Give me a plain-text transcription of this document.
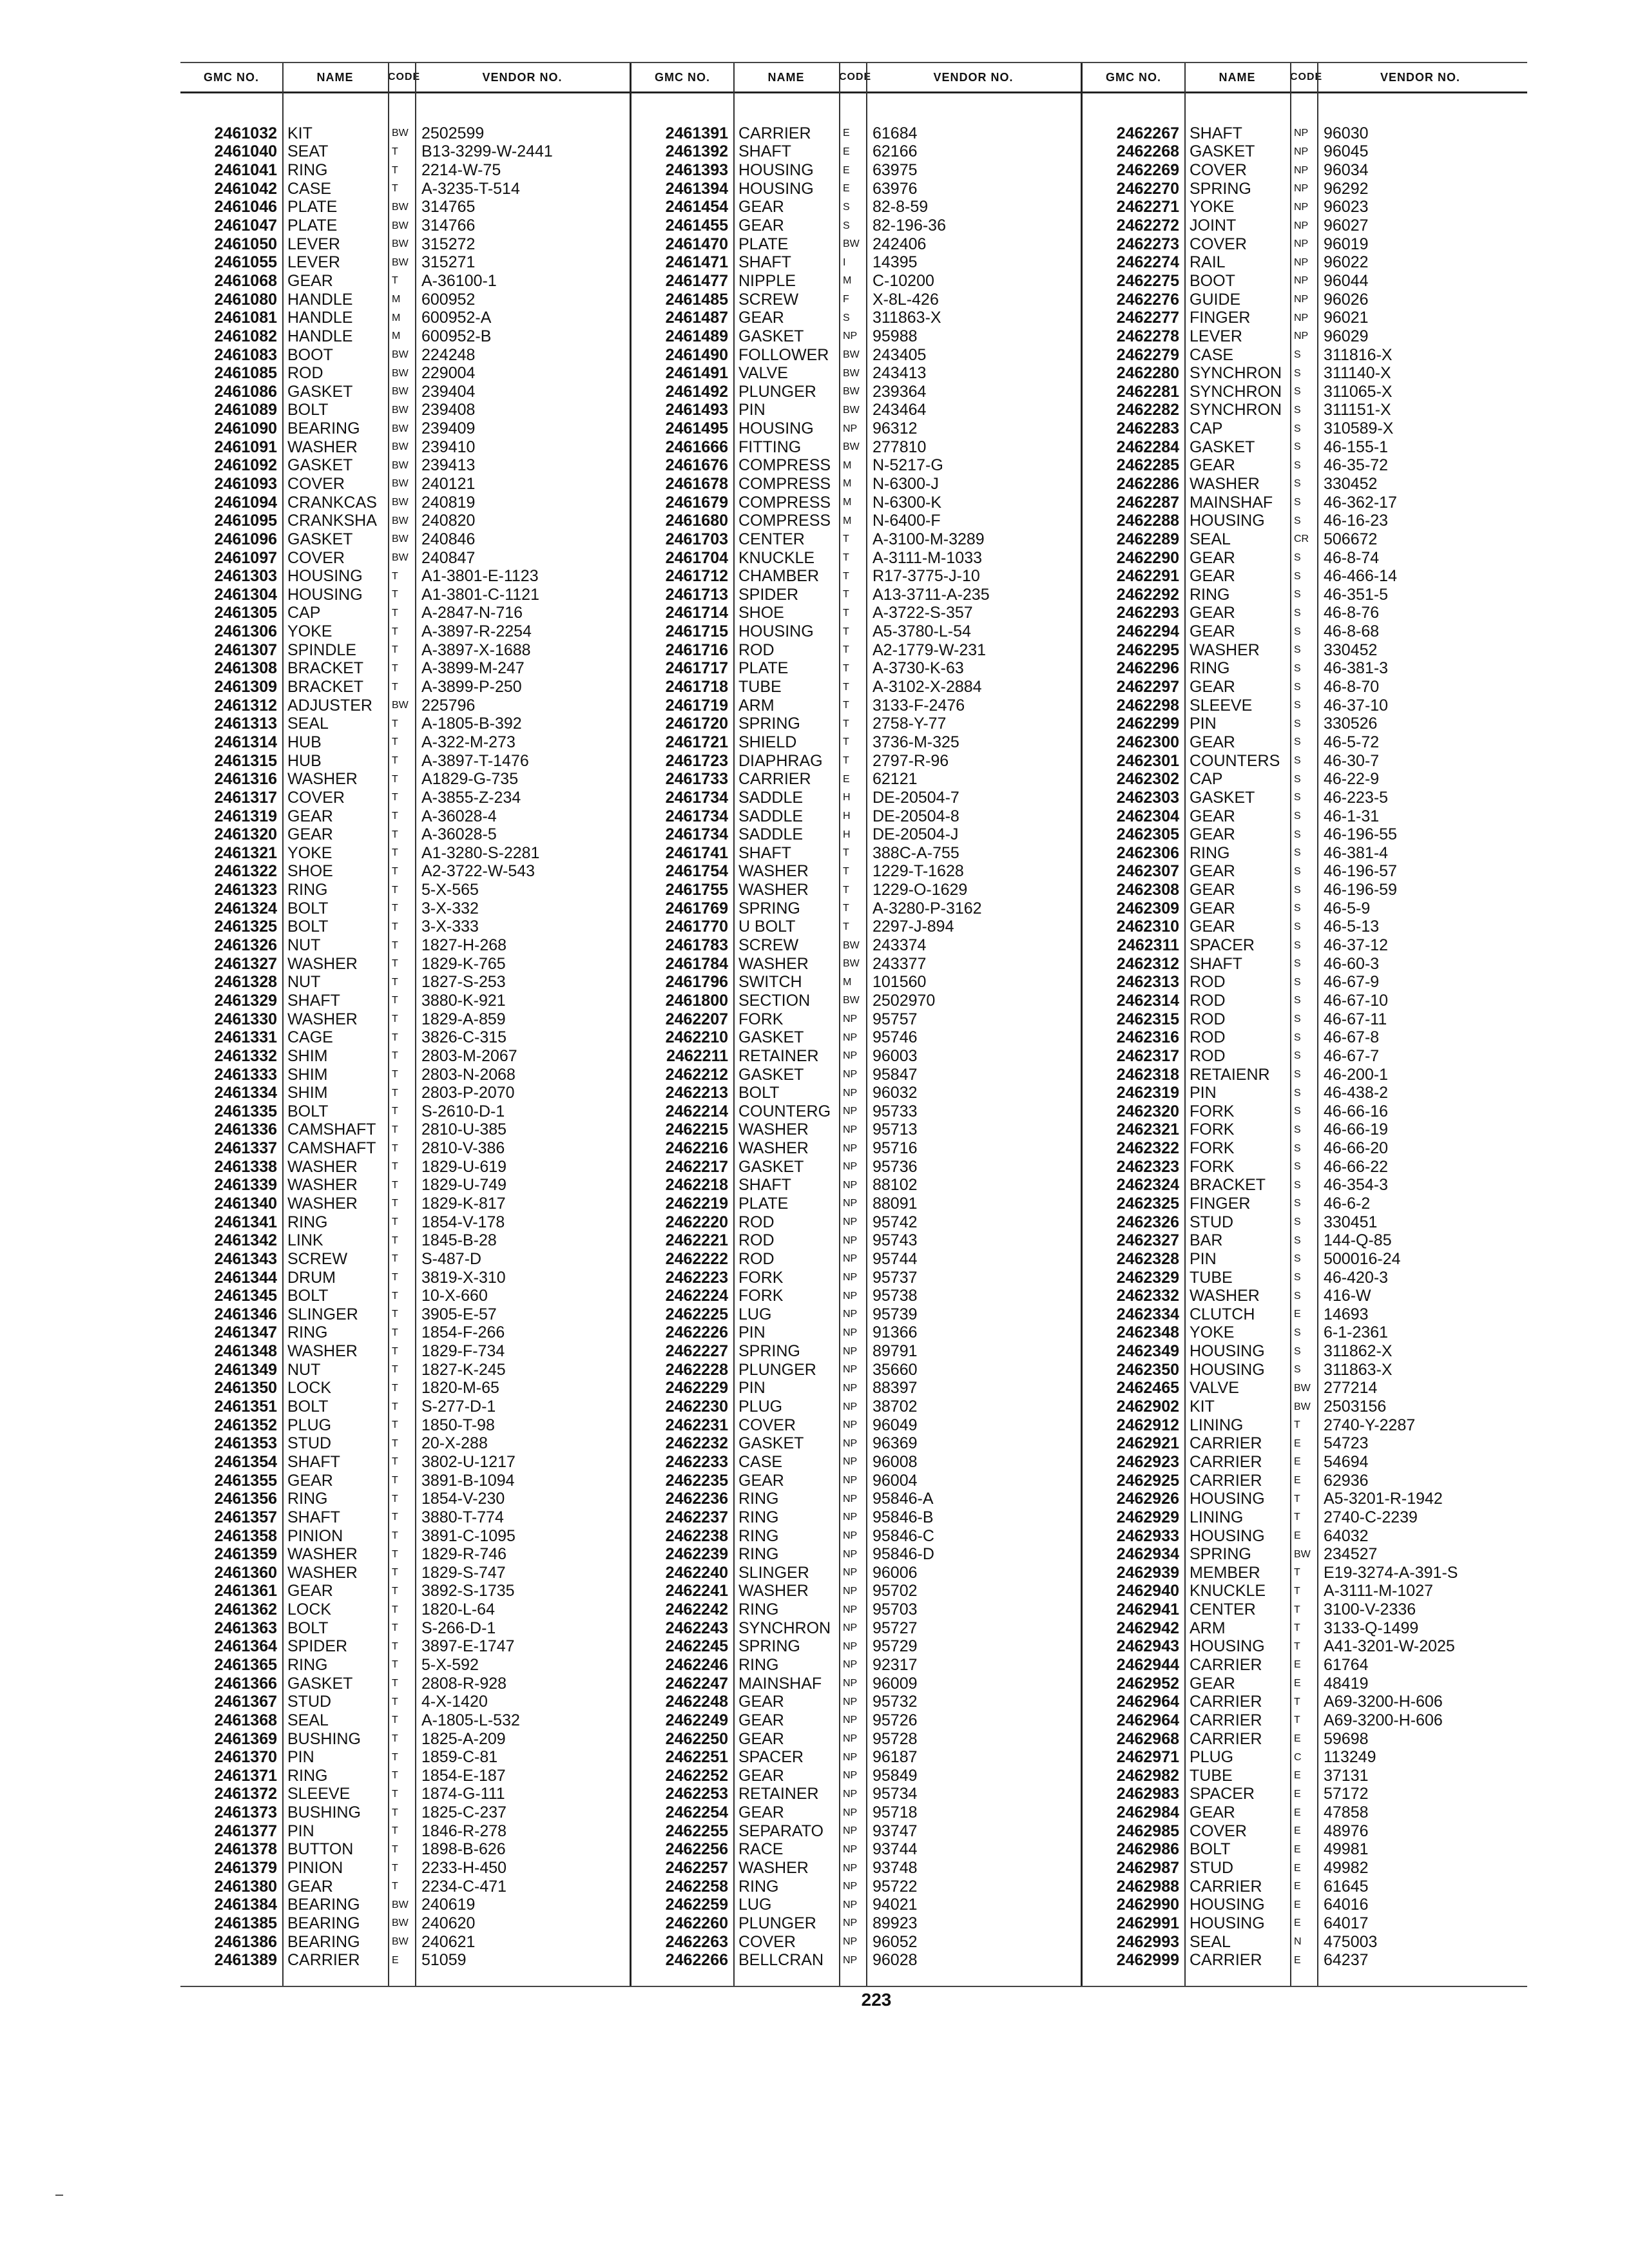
GMC NO.	NAME	CODE	VENDOR NO.
2461032 KIT	BW 2502599
2461040 SEAT	T	B13-3299-W-2441
2461041 RING	T	2214-W-75
2461042 CASE	T	A-3235-T-514
2461046 PLATE	BW 314765
2461047 PLATE	BW 314766
2461050 LEVER	BW 315272
2461055 LEVER	BW 315271
2461068 GEAR	T	A-36100-1
2461080 HANDLE	M	600952
2461081 HANDLE	M	600952-A
2461082 HANDLE	M	600952-B
2461083 BOOT	BW 224248
2461085 ROD	BW 229004
2461086 GASKET	BW 239404
2461089 BOLT	BW 239408
2461090 BEARING	BW 239409
2461091 WASHER	BW 239410
2461092 GASKET	BW 239413
2461093 COVER	BW 240121
2461094 CRANKCAS	BW 240819
2461095 CRANKSHA	BW 240820
2461096 GASKET	BW 240846
2461097 COVER	BW 240847
2461303 HOUSING	T	A1-3801-E-1123
2461304 HOUSING	T	A1-3801-C-1121
2461305 CAP	T	A-2847-N-716
2461306 YOKE	T	A-3897-R-2254
2461307 SPINDLE	T	A-3897-X-1688
2461308 BRACKET	T	A-3899-M-247
2461309 BRACKET	T	A-3899-P-250
2461312 ADJUSTER	BW 225796
2461313 SEAL	T	A-1805-B-392
2461314 HUB	T	A-322-M-273
2461315 HUB	T	A-3897-T-1476
2461316 WASHER	T	A1829-G-735
2461317 COVER	T	A-3855-Z-234
2461319 GEAR	T	A-36028-4
2461320 GEAR	T	A-36028-5
2461321 YOKE	T	A1-3280-S-2281
2461322 SHOE	T	A2-3722-W-543
2461323 RING	T	5-X-565
2461324 BOLT	T	3-X-332
2461325 BOLT	T	3-X-333
2461326 NUT	T	1827-H-268
2461327 WASHER	T	1829-K-765
2461328 NUT	T	1827-S-253
2461329 SHAFT	T	3880-K-921
2461330 WASHER	T	1829-A-859
2461331 CAGE	T	3826-C-315
2461332 SHIM	T	2803-M-2067
2461333 SHIM	T	2803-N-2068
2461334 SHIM	T	2803-P-2070
2461335 BOLT	T	S-2610-D-1
2461336 CAMSHAFT	T	2810-U-385
2461337 CAMSHAFT	T	2810-V-386
2461338 WASHER	T	1829-U-619
2461339 WASHER	T	1829-U-749
2461340 WASHER	T	1829-K-817
2461341 RING	T	1854-V-178
2461342 LINK	T	1845-B-28
2461343 SCREW	T	S-487-D
2461344 DRUM	T	3819-X-310
2461345 BOLT	T	10-X-660
2461346 SLINGER	T	3905-E-57
2461347 RING	T	1854-F-266
2461348 WASHER	T	1829-F-734
2461349 NUT	T	1827-K-245
2461350 LOCK	T	1820-M-65
2461351 BOLT	T	S-277-D-1
2461352 PLUG	T	1850-T-98
2461353 STUD	T	20-X-288
2461354 SHAFT	T	3802-U-1217
2461355 GEAR	T	3891-B-1094
2461356 RING	T	1854-V-230
2461357 SHAFT	T	3880-T-774
2461358 PINION	T	3891-C-1095
2461359 WASHER	T	1829-R-746
2461360 WASHER	T	1829-S-747
2461361 GEAR	T	3892-S-1735
2461362 LOCK	T	1820-L-64
2461363 BOLT	T	S-266-D-1
2461364 SPIDER	T	3897-E-1747
2461365 RING	T	5-X-592
2461366 GASKET	T	2808-R-928
2461367 STUD	T	4-X-1420
2461368 SEAL	T	A-1805-L-532
2461369 BUSHING	T	1825-A-209
2461370 PIN	T	1859-C-81
2461371 RING	T	1854-E-187
2461372 SLEEVE	T	1874-G-111
2461373 BUSHING	T	1825-C-237
2461377 PIN	T	1846-R-278
2461378 BUTTON	T	1898-B-626
2461379 PINION	T	2233-H-450
2461380 GEAR	T	2234-C-471
2461384 BEARING	BW 240619
2461385 BEARING	BW 240620
2461386 BEARING	BW 240621
2461389 CARRIER	E	51059
GMC NO.	NAME	CODE	VENDOR NO.
2461391 CARRIER	E	61684
2461392 SHAFT	E	62166
2461393 HOUSING	E	63975
2461394 HOUSING	E	63976
2461454 GEAR	S	82-8-59
2461455 GEAR	S	82-196-36
2461470 PLATE	BW 242406
2461471 SHAFT	I	14395
2461477 NIPPLE	M	C-10200
2461485 SCREW	F	X-8L-426
2461487 GEAR	S	311863-X
2461489 GASKET	NP 95988
2461490 FOLLOWER	BW 243405
2461491 VALVE	BW 243413
2461492 PLUNGER	BW 239364
2461493 PIN	BW 243464
2461495 HOUSING	NP 96312
2461666 FITTING	BW 277810
2461676 COMPRESS	M	N-5217-G
2461678 COMPRESS	M	N-6300-J
2461679 COMPRESS	M	N-6300-K
2461680 COMPRESS	M	N-6400-F
2461703 CENTER	T	A-3100-M-3289
2461704 KNUCKLE	T	A-3111-M-1033
2461712 CHAMBER	T	R17-3775-J-10
2461713 SPIDER	T	A13-3711-A-235
2461714 SHOE	T	A-3722-S-357
2461715 HOUSING	T	A5-3780-L-54
2461716 ROD	T	A2-1779-W-231
2461717 PLATE	T	A-3730-K-63
2461718 TUBE	T	A-3102-X-2884
2461719 ARM	T	3133-F-2476
2461720 SPRING	T	2758-Y-77
2461721 SHIELD	T	3736-M-325
2461723 DIAPHRAG	T	2797-R-96
2461733 CARRIER	E	62121
2461734 SADDLE	H	DE-20504-7
2461734 SADDLE	H	DE-20504-8
2461734 SADDLE	H	DE-20504-J
2461741 SHAFT	T	388C-A-755
2461754 WASHER	T	1229-T-1628
2461755 WASHER	T	1229-O-1629
2461769 SPRING	T	A-3280-P-3162
2461770 U BOLT	T	2297-J-894
2461783 SCREW	BW 243374
2461784 WASHER	BW 243377
2461796 SWITCH	M	101560
2461800 SECTION	BW 2502970
2462207 FORK	NP 95757
2462210 GASKET	NP 95746
2462211 RETAINER	NP 96003
2462212 GASKET	NP 95847
2462213 BOLT	NP 96032
2462214 COUNTERG	NP 95733
2462215 WASHER	NP 95713
2462216 WASHER	NP 95716
2462217 GASKET	NP 95736
2462218 SHAFT	NP 88102
2462219 PLATE	NP 88091
2462220 ROD	NP 95742
2462221 ROD	NP 95743
2462222 ROD	NP 95744
2462223 FORK	NP 95737
2462224 FORK	NP 95738
2462225 LUG	NP 95739
2462226 PIN	NP 91366
2462227 SPRING	NP 89791
2462228 PLUNGER	NP 35660
2462229 PIN	NP 88397
2462230 PLUG	NP 38702
2462231 COVER	NP 96049
2462232 GASKET	NP 96369
2462233 CASE	NP 96008
2462235 GEAR	NP 96004
2462236 RING	NP 95846-A
2462237 RING	NP 95846-B
2462238 RING	NP 95846-C
2462239 RING	NP 95846-D
2462240 SLINGER	NP 96006
2462241 WASHER	NP 95702
2462242 RING	NP 95703
2462243 SYNCHRON	NP 95727
2462245 SPRING	NP 95729
2462246 RING	NP 92317
2462247 MAINSHAF	NP 96009
2462248 GEAR	NP 95732
2462249 GEAR	NP 95726
2462250 GEAR	NP 95728
2462251 SPACER	NP 96187
2462252 GEAR	NP 95849
2462253 RETAINER	NP 95734
2462254 GEAR	NP 95718
2462255 SEPARATO	NP 93747
2462256 RACE	NP 93744
2462257 WASHER	NP 93748
2462258 RING	NP 95722
2462259 LUG	NP 94021
2462260 PLUNGER	NP 89923
2462263 COVER	NP 96052
2462266 BELLCRAN	NP 96028
GMC NO.	NAME	CODE	VENDOR NO.
2462267 SHAFT	NP 96030
2462268 GASKET	NP 96045
2462269 COVER	NP 96034
2462270 SPRING	NP 96292
2462271 YOKE	NP 96023
2462272 JOINT	NP 96027
2462273 COVER	NP 96019
2462274 RAIL	NP 96022
2462275 BOOT	NP 96044
2462276 GUIDE	NP 96026
2462277 FINGER	NP 96021
2462278 LEVER	NP 96029
2462279 CASE	S	311816-X
2462280 SYNCHRON	S	311140-X
2462281 SYNCHRON	S	311065-X
2462282 SYNCHRON	S	311151-X
2462283 CAP	S	310589-X
2462284 GASKET	S	46-155-1
2462285 GEAR	S	46-35-72
2462286 WASHER	S	330452
2462287 MAINSHAF	S	46-362-17
2462288 HOUSING	S	46-16-23
2462289 SEAL	CR 506672
2462290 GEAR	S	46-8-74
2462291 GEAR	S	46-466-14
2462292 RING	S	46-351-5
2462293 GEAR	S	46-8-76
2462294 GEAR	S	46-8-68
2462295 WASHER	S	330452
2462296 RING	S	46-381-3
2462297 GEAR	S	46-8-70
2462298 SLEEVE	S	46-37-10
2462299 PIN	S	330526
2462300 GEAR	S	46-5-72
2462301 COUNTERS	S	46-30-7
2462302 CAP	S	46-22-9
2462303 GASKET	S	46-223-5
2462304 GEAR	S	46-1-31
2462305 GEAR	S	46-196-55
2462306 RING	S	46-381-4
2462307 GEAR	S	46-196-57
2462308 GEAR	S	46-196-59
2462309 GEAR	S	46-5-9
2462310 GEAR	S	46-5-13
2462311 SPACER	S	46-37-12
2462312 SHAFT	S	46-60-3
2462313 ROD	S	46-67-9
2462314 ROD	S	46-67-10
2462315 ROD	S	46-67-11
2462316 ROD	S	46-67-8
2462317 ROD	S	46-67-7
2462318 RETAIENR	S	46-200-1
2462319 PIN	S	46-438-2
2462320 FORK	S	46-66-16
2462321 FORK	S	46-66-19
2462322 FORK	S	46-66-20
2462323 FORK	S	46-66-22
2462324 BRACKET	S	46-354-3
2462325 FINGER	S	46-6-2
2462326 STUD	S	330451
2462327 BAR	S	144-Q-85
2462328 PIN	S	500016-24
2462329 TUBE	S	46-420-3
2462332 WASHER	S	416-W
2462334 CLUTCH	E	14693
2462348 YOKE	S	6-1-2361
2462349 HOUSING	S	311862-X
2462350 HOUSING	S	311863-X
2462465 VALVE	BW 277214
2462902 KIT	BW 2503156
2462912 LINING	T	2740-Y-2287
2462921 CARRIER	E	54723
2462923 CARRIER	E	54694
2462925 CARRIER	E	62936
2462926 HOUSING	T	A5-3201-R-1942
2462929 LINING	T	2740-C-2239
2462933 HOUSING	E	64032
2462934 SPRING	BW 234527
2462939 MEMBER	T	E19-3274-A-391-S
2462940 KNUCKLE	T	A-3111-M-1027
2462941 CENTER	T	3100-V-2336
2462942 ARM	T	3133-Q-1499
2462943 HOUSING	T	A41-3201-W-2025
2462944 CARRIER	E	61764
2462952 GEAR	E	48419
2462964 CARRIER	T	A69-3200-H-606
2462964 CARRIER	T	A69-3200-H-606
2462968 CARRIER	E	59698
2462971 PLUG	C	113249
2462982 TUBE	E	37131
2462983 SPACER	E	57172
2462984 GEAR	E	47858
2462985 COVER	E	48976
2462986 BOLT	E	49981
2462987 STUD	E	49982
2462988 CARRIER	E	61645
2462990 HOUSING	E	64016
2462991 HOUSING	E	64017
2462993 SEAL	N	475003
2462999 CARRIER	E	64237
223
